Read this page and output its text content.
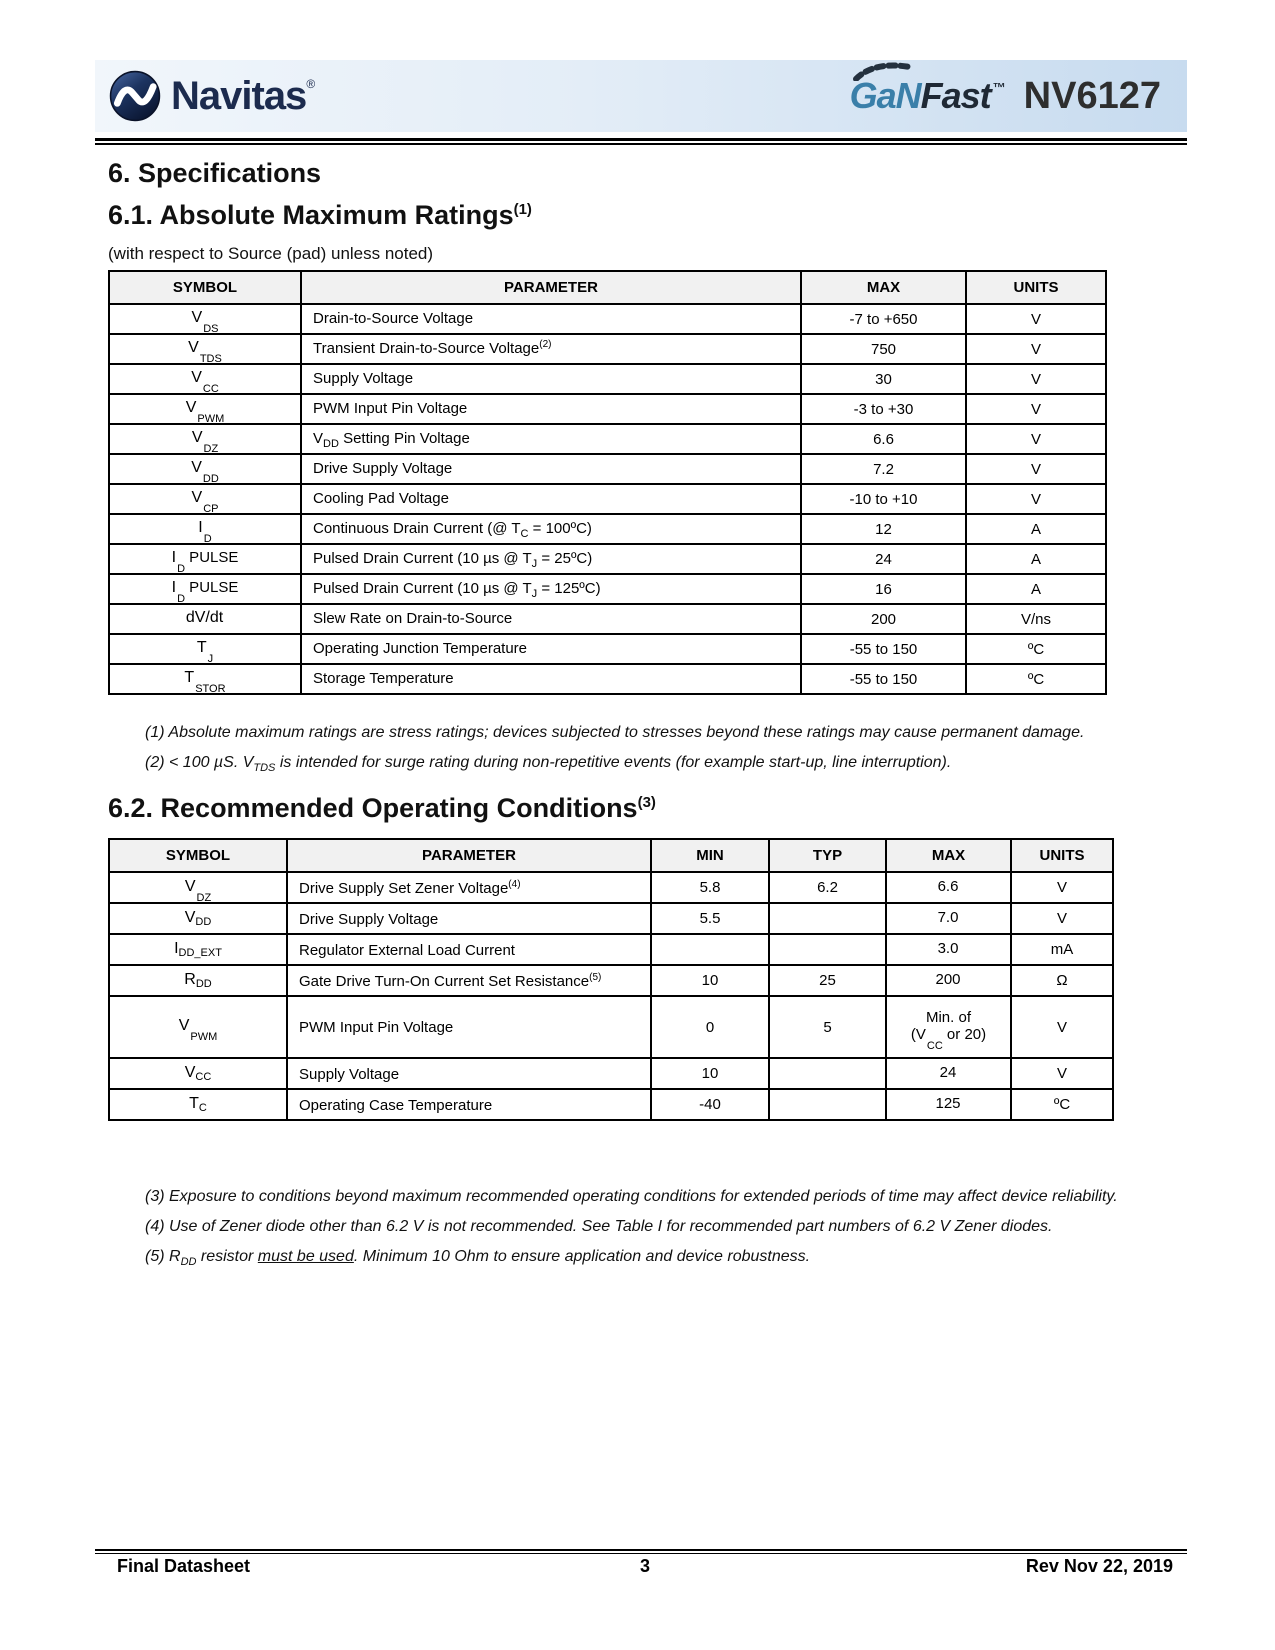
Navitas®	GaNFast ™ NV6127
6. Specifications
6.1. Absolute Maximum Ratings$^{(1)}$
(with respect to Source (pad) unless noted)
SYMBOL	PARAMETER	MAX	UNITS
$V_{DS}$	Drain-to-Source Voltage	-7 to +650	V
$V_{TDS}$	Transient Drain-to-Source Voltage$^{(2)}$	750	V
$V_{CC}$	Supply Voltage	30	V
$V_{PWM}$	PWM Input Pin Voltage	-3 to +30	V
$V_{DZ}$	$V_{DD}$ Setting Pin Voltage	6.6	V
$V_{DD}$	Drive Supply Voltage	7.2	V
$V_{CP}$	Cooling Pad Voltage	-10 to +10	V
$I_D$	Continuous Drain Current (@ $T_C$ = 100ºC)	12	A
$I_D$ PULSE	Pulsed Drain Current (10 µs @ $T_J$ = 25ºC)	24	A
$I_D$ PULSE	Pulsed Drain Current (10 µs @ $T_J$ = 125ºC)	16	A
dV/dt	Slew Rate on Drain-to-Source	200	V/ns
$T_J$	Operating Junction Temperature	-55 to 150	ºC
$T_{STOR}$	Storage Temperature	-55 to 150	ºC
(1) Absolute maximum ratings are stress ratings; devices subjected to stresses beyond these ratings may cause permanent damage.
(2) < 100 µS. $V_{TDS}$ is intended for surge rating during non-repetitive events (for example start-up, line interruption).
6.2. Recommended Operating Conditions$^{(3)}$
SYMBOL	PARAMETER	MIN	TYP	MAX	UNITS
$V_{DZ}$	Drive Supply Set Zener Voltage$^{(4)}$	5.8	6.2	6.6	V
$V_{DD}$	Drive Supply Voltage	5.5		7.0	V
$I_{DD\_EXT}$	Regulator External Load Current			3.0	mA
$R_{DD}$	Gate Drive Turn-On Current Set Resistance$^{(5)}$	10	25	200	Ω
$V_{PWM}$	PWM Input Pin Voltage	0	5	Min. of
($V_{CC}$ or 20)	V
$V_{CC}$	Supply Voltage	10		24	V
$T_C$	Operating Case Temperature	-40		125	ºC
(3) Exposure to conditions beyond maximum recommended operating conditions for extended periods of time may affect device reliability.
(4) Use of Zener diode other than 6.2 V is not recommended. See Table I for recommended part numbers of 6.2 V Zener diodes.
(5) $R_{DD}$ resistor must be used. Minimum 10 Ohm to ensure application and device robustness.
Final Datasheet	3	Rev Nov 22, 2019
